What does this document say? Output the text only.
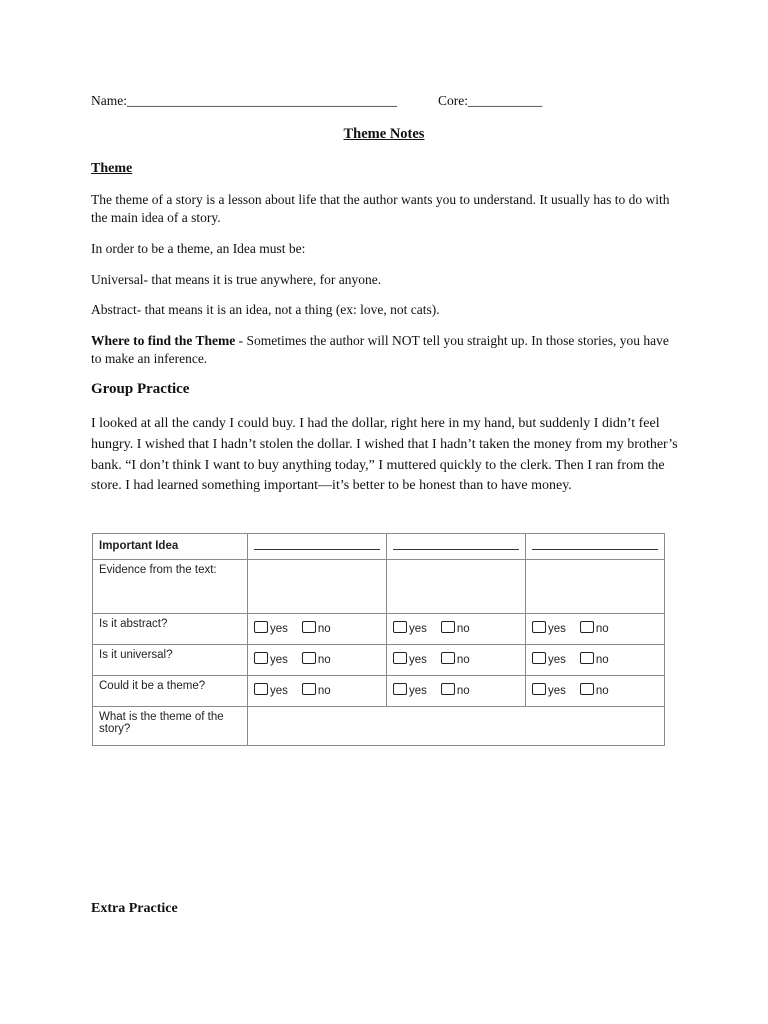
Name:________________________________________	Core:___________
Theme Notes
Theme
The theme of a story is a lesson about life that the author wants you to understand. It usually has to do with the main idea of a story.
In order to be a theme, an Idea must be:
Universal- that means it is true anywhere, for anyone.
Abstract- that means it is an idea, not a thing (ex: love, not cats).
Where to find the Theme - Sometimes the author will NOT tell you straight up. In those stories, you have to make an inference.
Group Practice
I looked at all the candy I could buy. I had the dollar, right here in my hand, but suddenly I didn’t feel hungry. I wished that I hadn’t stolen the dollar. I wished that I hadn’t taken the money from my brother’s bank. “I don’t think I want to buy anything today,” I muttered quickly to the clerk. Then I ran from the store. I had learned something important—it’s better to be honest than to have money.
Important Idea	

Evidence from the text:			
Is it abstract?	yes no	yes no	yes no

Is it universal?	yes no	yes no	yes no

Could it be a theme?	yes no	yes no	yes no

What is the theme of the story?			
Extra Practice
